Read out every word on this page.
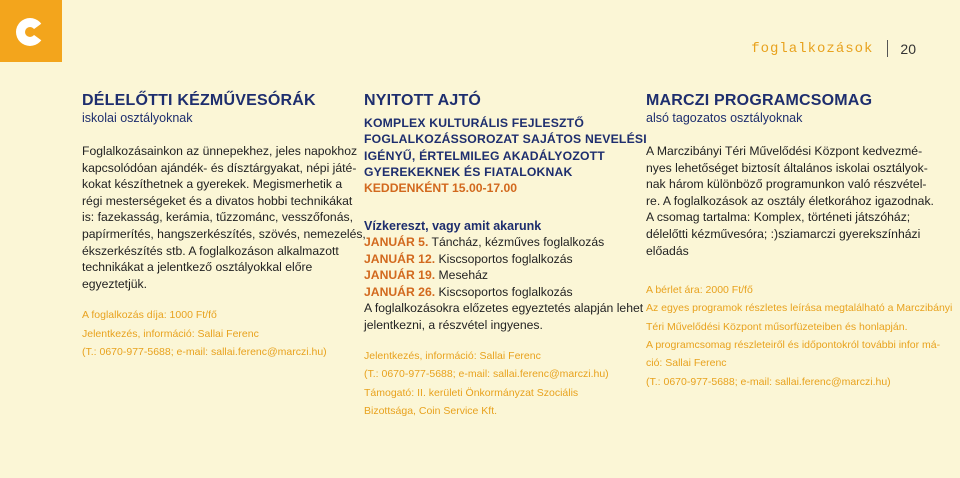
foglalkozások 20
DÉLELŐTTI KÉZMŰVESÓRÁK
iskolai osztályoknak
Foglalkozásainkon az ünnepekhez, jeles napokhoz
kapcsolódóan ajándék- és dísztárgyakat, népi játé-
kokat készíthetnek a gyerekek. Megismerhetik a
régi mesterségeket és a divatos hobbi technikákat
is: fazekasság, kerámia, tűzzománc, vesszőfonás,
papírmerítés, hangszerkészítés, szövés, nemezelés,
ékszerkészítés stb. A foglalkozáson alkalmazott
technikákat a jelentkező osztályokkal előre
egyeztetjük.
A foglalkozás díja: 1000 Ft/fő
Jelentkezés, információ: Sallai Ferenc
(T.: 0670-977-5688; e-mail: sallai.ferenc@marczi.hu)
NYITOTT AJTÓ
KOMPLEX KULTURÁLIS FEJLESZTŐ
FOGLALKOZÁSSOROZAT SAJÁTOS NEVELÉSI
IGÉNYŰ, ÉRTELMILEG AKADÁLYOZOTT
GYEREKEKNEK ÉS FIATALOKNAK
KEDDENKÉNT 15.00-17.00
Vízkereszt, vagy amit akarunk
JANUÁR 5. Táncház, kézműves foglalkozás
JANUÁR 12. Kiscsoportos foglalkozás
JANUÁR 19. Meseház
JANUÁR 26. Kiscsoportos foglalkozás
A foglalkozásokra előzetes egyeztetés alapján lehet
jelentkezni, a részvétel ingyenes.
Jelentkezés, információ: Sallai Ferenc
(T.: 0670-977-5688; e-mail: sallai.ferenc@marczi.hu)
Támogató: II. kerületi Önkormányzat Szociális
Bizottsága, Coin Service Kft.
MARCZI PROGRAMCSOMAG
alsó tagozatos osztályoknak
A Marczibányi Téri Művelődési Központ kedvezmé-
nyes lehetőséget biztosít általános iskolai osztályok-
nak három különböző programunkon való részvétel-
re. A foglalkozások az osztály életkorához igazodnak.
A csomag tartalma: Komplex, történeti játszóház;
délelőtti kézművesóra; :)sziamarczi gyerekszínházi
előadás
A bérlet ára: 2000 Ft/fő
Az egyes programok részletes leírása megtalálható a Marczibányi
Téri Művelődési Központ műsorfüzeteiben és honlapján.
A programcsomag részleteiről és időpontokról további infor má-
ció: Sallai Ferenc
(T.: 0670-977-5688; e-mail: sallai.ferenc@marczi.hu)
